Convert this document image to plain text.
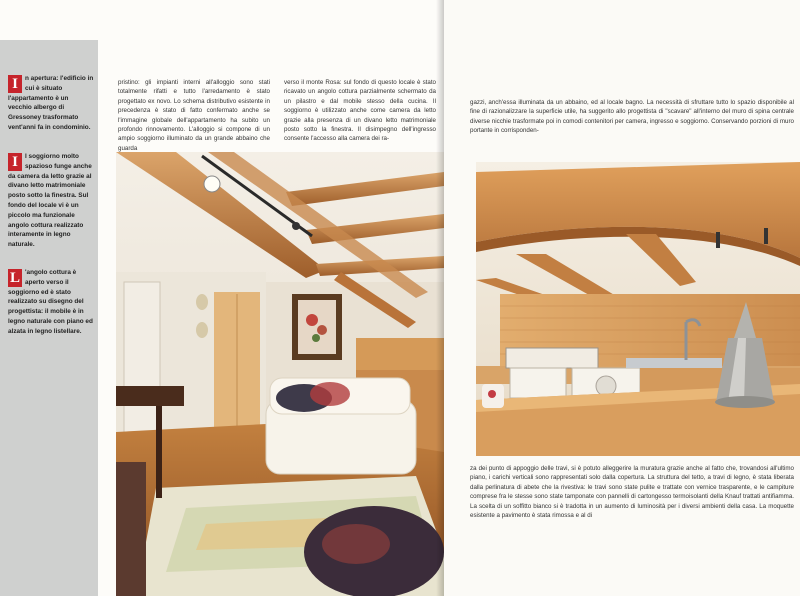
I	n apertura: l'edificio in cui è situato l'appartamento è un vecchio albergo di Gressoney trasformato vent'anni fa in condominio.
I	l soggiorno molto spazioso funge anche da camera da letto grazie al divano letto matrimoniale posto sotto la finestra. Sul fondo del locale vi è un piccolo ma funzionale angolo cottura realizzato interamente in legno naturale.
L 'angolo cottura è aperto verso il soggiorno ed è stato realizzato su disegno del progettista: il mobile è in legno naturale con piano ed alzata in legno listellare.
pristino: gli impianti interni all'alloggio sono stati totalmente rifatti e tutto l'arredamento è stato progettato ex novo. Lo schema distributivo esistente in precedenza è stato di fatto confermato anche se l'immagine globale dell'appartamento ha subito un profondo rinnovamento. L'alloggio si compone di un ampio soggiorno illuminato da un grande abbaino che guarda
verso il monte Rosa: sul fondo di questo locale è stato ricavato un angolo cottura parzialmente schermato da un pilastro e dal mobile stesso della cucina. Il soggiorno è utilizzato anche come camera da letto grazie alla presenza di un divano letto matrimoniale posto sotto la finestra. Il disimpegno dell'ingresso consente l'accesso alla camera dei ra-
gazzi, anch'essa illuminata da un abbaino, ed al locale bagno. La necessità di sfruttare tutto lo spazio disponibile al fine di razionalizzare la superficie utile, ha suggerito allo progettista di "scavare" all'interno del muro di spina centrale diverse nicchie trasformate poi in comodi contenitori per camera, ingresso e soggiorno. Conservando porzioni di muro portante in corrisponden-
za dei punto di appoggio delle travi, si è potuto alleggerire la muratura grazie anche al fatto che, trovandosi all'ultimo piano, i carichi verticali sono rappresentati solo dalla copertura. La struttura del tetto, a travi di legno, è stata liberata dalla perlinatura di abete che la rivestiva: le travi sono state pulite e trattate con vernice trasparente, e le campiture comprese fra le stesse sono state tamponate con pannelli di cartongesso termoisolanti della Knauf trattati antifiamma. La scelta di un soffitto bianco si è tradotta in un aumento di luminosità per i diversi ambienti della casa. La moquette esistente a pavimento è stata rimossa e al di
